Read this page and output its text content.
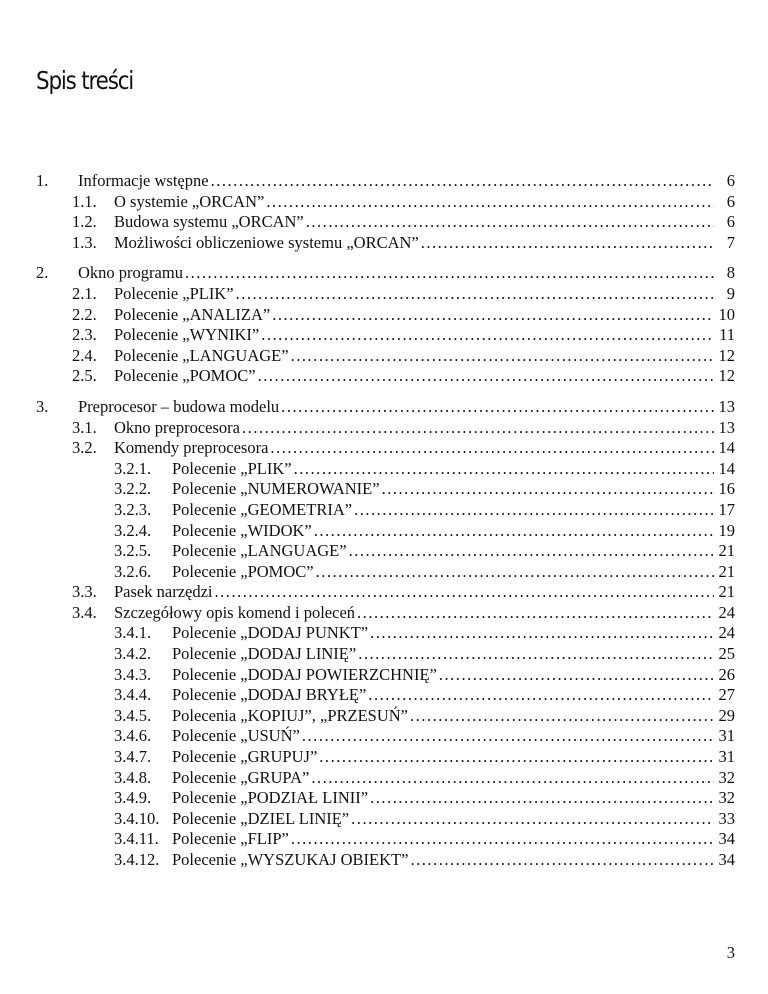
Spis treści
1. Informacje wstępne . . .	6
1.1. O systemie „ORCAN” . . .	6
1.2. Budowa systemu „ORCAN” . . .	6
1.3. Możliwości obliczeniowe systemu „ORCAN” . . .	7
2. Okno programu . . .	8
2.1. Polecenie „PLIK” . . .	9
2.2. Polecenie „ANALIZA” . . .	10
2.3. Polecenie „WYNIKI” . . .	11
2.4. Polecenie „LANGUAGE” . . .	12
2.5. Polecenie „POMOC” . . .	12
3. Preprocesor – budowa modelu . . .	13
3.1. Okno preprocesora . . .	13
3.2. Komendy preprocesora . . .	14
3.2.1. Polecenie „PLIK” . . .	14
3.2.2. Polecenie „NUMEROWANIE” . . .	16
3.2.3. Polecenie „GEOMETRIA” . . .	17
3.2.4. Polecenie „WIDOK” . . .	19
3.2.5. Polecenie „LANGUAGE” . . .	21
3.2.6. Polecenie „POMOC” . . .	21
3.3. Pasek narzędzi . . .	21
3.4. Szczegółowy opis komend i poleceń . . .	24
3.4.1. Polecenie „DODAJ PUNKT” . . .	24
3.4.2. Polecenie „DODAJ LINIĘ” . . .	25
3.4.3. Polecenie „DODAJ POWIERZCHNIĘ” . . .	26
3.4.4. Polecenie „DODAJ BRYŁĘ” . . .	27
3.4.5. Polecenia „KOPIUJ”, „PRZESUŃ” . . .	29
3.4.6. Polecenie „USUŃ” . . .	31
3.4.7. Polecenie „GRUPUJ” . . .	31
3.4.8. Polecenie „GRUPA” . . .	32
3.4.9. Polecenie „PODZIAŁ LINII” . . .	32
3.4.10. Polecenie „DZIEL LINIĘ” . . .	33
3.4.11. Polecenie „FLIP” . . .	34
3.4.12. Polecenie „WYSZUKAJ OBIEKT” . . .	34
3
